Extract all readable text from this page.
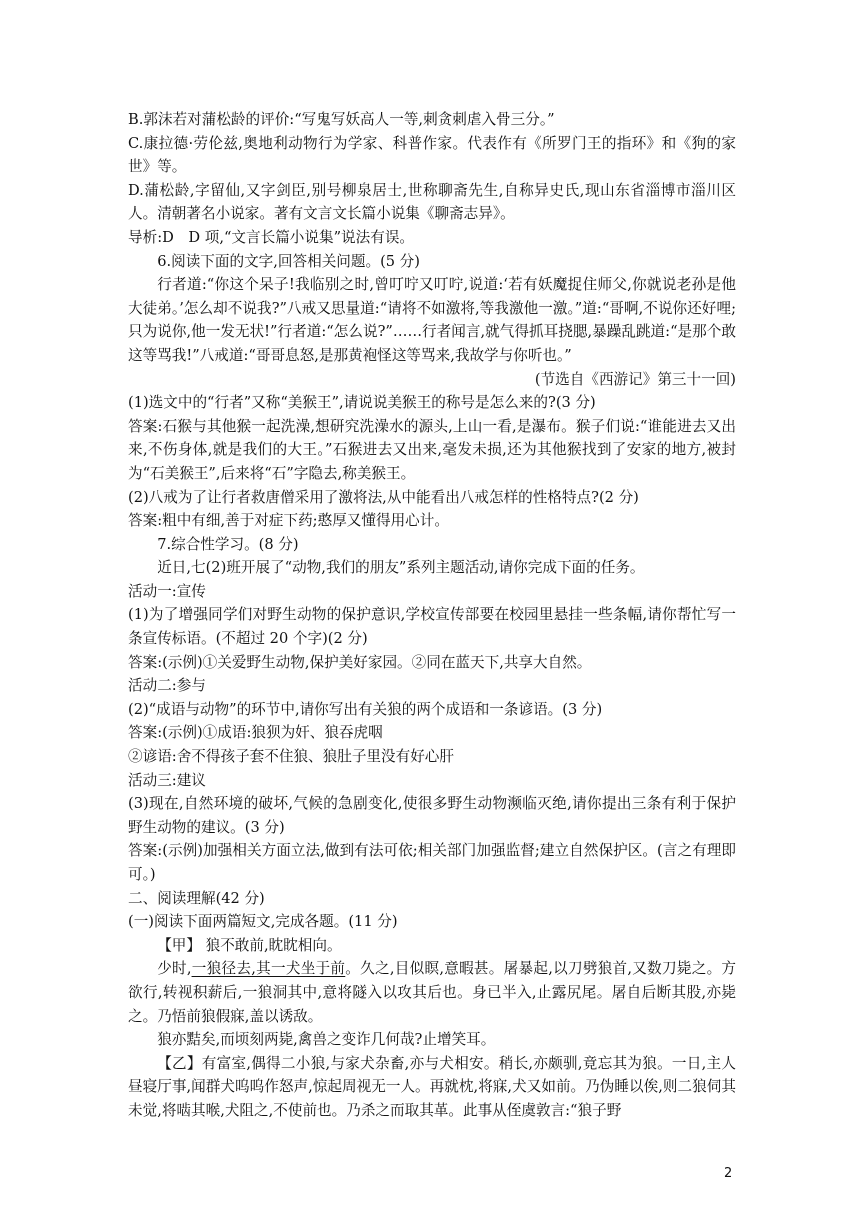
B.郭沫若对蒲松龄的评价:“写鬼写妖高人一等,刺贪刺虐入骨三分。”

C.康拉德·劳伦兹,奥地利动物行为学家、科普作家。代表作有《所罗门王的指环》和《狗的家世》等。

D.蒲松龄,字留仙,又字剑臣,别号柳泉居士,世称聊斋先生,自称异史氏,现山东省淄博市淄川区人。清朝著名小说家。著有文言文长篇小说集《聊斋志异》。

导析:D　D 项,“文言长篇小说集”说法有误。

6.阅读下面的文字,回答相关问题。(5 分)

行者道:“你这个呆子!我临别之时,曾叮咛又叮咛,说道:‘若有妖魔捉住师父,你就说老孙是他大徒弟。’怎么却不说我?”八戒又思量道:“请将不如激将,等我激他一激。”道:“哥啊,不说你还好哩;只为说你,他一发无状!”行者道:“怎么说?”……行者闻言,就气得抓耳挠腮,暴躁乱跳道:“是那个敢这等骂我!”八戒道:“哥哥息怒,是那黄袍怪这等骂来,我故学与你听也。”

(节选自《西游记》第三十一回)

(1)选文中的“行者”又称“美猴王”,请说说美猴王的称号是怎么来的?(3 分)

答案:石猴与其他猴一起洗澡,想研究洗澡水的源头,上山一看,是瀑布。猴子们说:“谁能进去又出来,不伤身体,就是我们的大王。”石猴进去又出来,毫发未损,还为其他猴找到了安家的地方,被封为“石美猴王”,后来将“石”字隐去,称美猴王。

(2)八戒为了让行者救唐僧采用了激将法,从中能看出八戒怎样的性格特点?(2 分)

答案:粗中有细,善于对症下药;憨厚又懂得用心计。

7.综合性学习。(8 分)

近日,七(2)班开展了“动物,我们的朋友”系列主题活动,请你完成下面的任务。

活动一:宣传

(1)为了增强同学们对野生动物的保护意识,学校宣传部要在校园里悬挂一些条幅,请你帮忙写一条宣传标语。(不超过 20 个字)(2 分)

答案:(示例)①关爱野生动物,保护美好家园。②同在蓝天下,共享大自然。

活动二:参与

(2)“成语与动物”的环节中,请你写出有关狼的两个成语和一条谚语。(3 分)

答案:(示例)①成语:狼狈为奸、狼吞虎咽

②谚语:舍不得孩子套不住狼、狼肚子里没有好心肝

活动三:建议

(3)现在,自然环境的破坏,气候的急剧变化,使很多野生动物濒临灭绝,请你提出三条有利于保护野生动物的建议。(3 分)

答案:(示例)加强相关方面立法,做到有法可依;相关部门加强监督;建立自然保护区。(言之有理即可。)

二、阅读理解(42 分)

(一)阅读下面两篇短文,完成各题。(11 分)

【甲】 狼不敢前,眈眈相向。

少时,一狼径去,其一犬坐于前。久之,目似瞑,意暇甚。屠暴起,以刀劈狼首,又数刀毙之。方欲行,转视积薪后,一狼洞其中,意将隧入以攻其后也。身已半入,止露尻尾。屠自后断其股,亦毙之。乃悟前狼假寐,盖以诱敌。

狼亦黠矣,而顷刻两毙,禽兽之变诈几何哉?止增笑耳。

【乙】有富室,偶得二小狼,与家犬杂畜,亦与犬相安。稍长,亦颇驯,竟忘其为狼。一日,主人昼寝厅事,闻群犬呜呜作怒声,惊起周视无一人。再就枕,将寐,犬又如前。乃伪睡以俟,则二狼伺其未觉,将啮其喉,犬阻之,不使前也。乃杀之而取其革。此事从侄虞敦言:“狼子野

2
